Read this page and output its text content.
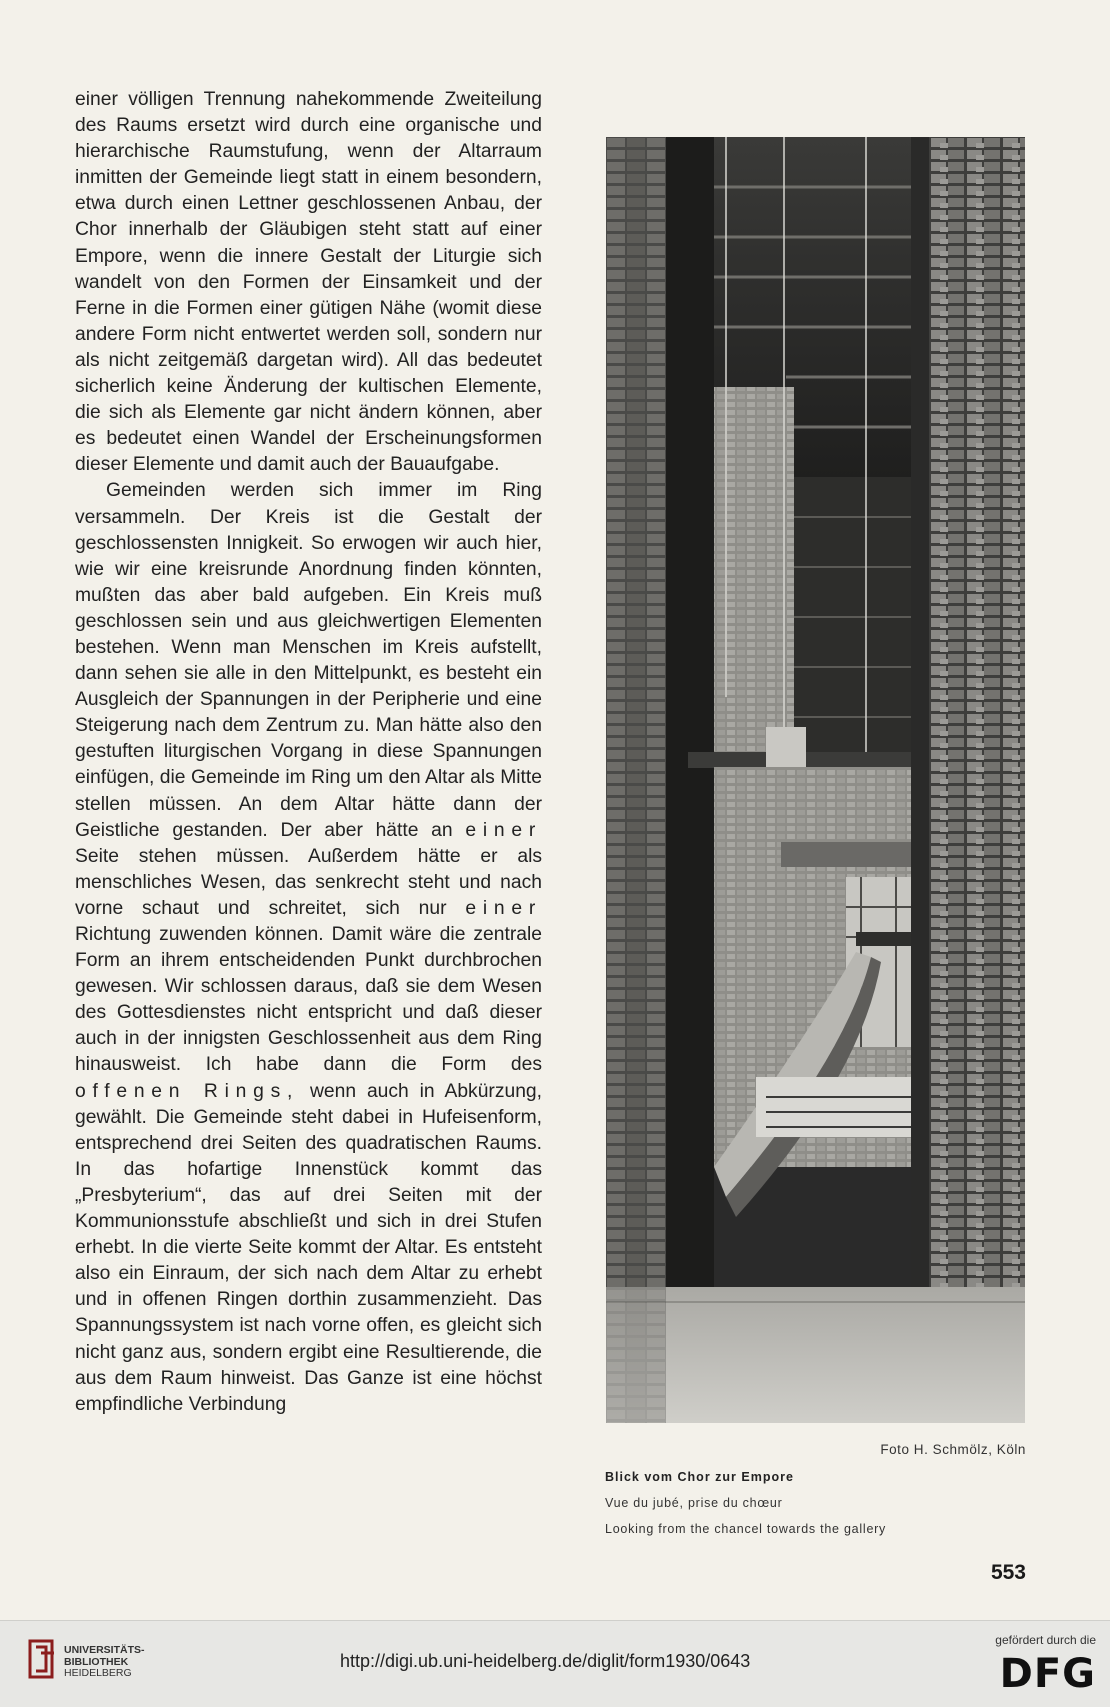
einer völligen Trennung nahekommende Zweiteilung des Raums ersetzt wird durch eine organische und hierarchische Raumstufung, wenn der Altarraum inmitten der Gemeinde liegt statt in einem besondern, etwa durch einen Lettner geschlossenen Anbau, der Chor innerhalb der Gläubigen steht statt auf einer Empore, wenn die innere Gestalt der Liturgie sich wandelt von den Formen der Einsamkeit und der Ferne in die Formen einer gütigen Nähe (womit diese andere Form nicht entwertet werden soll, sondern nur als nicht zeitgemäß dargetan wird). All das bedeutet sicherlich keine Änderung der kultischen Elemente, die sich als Elemente gar nicht ändern können, aber es bedeutet einen Wandel der Erscheinungsformen dieser Elemente und damit auch der Bauaufgabe.

Gemeinden werden sich immer im Ring versammeln. Der Kreis ist die Gestalt der geschlossensten Innigkeit. So erwogen wir auch hier, wie wir eine kreisrunde Anordnung finden könnten, mußten das aber bald aufgeben. Ein Kreis muß geschlossen sein und aus gleichwertigen Elementen bestehen. Wenn man Menschen im Kreis aufstellt, dann sehen sie alle in den Mittelpunkt, es besteht ein Ausgleich der Spannungen in der Peripherie und eine Steigerung nach dem Zentrum zu. Man hätte also den gestuften liturgischen Vorgang in diese Spannungen einfügen, die Gemeinde im Ring um den Altar als Mitte stellen müssen. An dem Altar hätte dann der Geistliche gestanden. Der aber hätte an einer Seite stehen müssen. Außerdem hätte er als menschliches Wesen, das senkrecht steht und nach vorne schaut und schreitet, sich nur einer Richtung zuwenden können. Damit wäre die zentrale Form an ihrem entscheidenden Punkt durchbrochen gewesen. Wir schlossen daraus, daß sie dem Wesen des Gottesdienstes nicht entspricht und daß dieser auch in der innigsten Geschlossenheit aus dem Ring hinausweist. Ich habe dann die Form des offenen Rings, wenn auch in Abkürzung, gewählt. Die Gemeinde steht dabei in Hufeisenform, entsprechend drei Seiten des quadratischen Raums. In das hofartige Innenstück kommt das „Presbyterium“, das auf drei Seiten mit der Kommunionsstufe abschließt und sich in drei Stufen erhebt. In die vierte Seite kommt der Altar. Es entsteht also ein Einraum, der sich nach dem Altar zu erhebt und in offenen Ringen dorthin zusammenzieht. Das Spannungssystem ist nach vorne offen, es gleicht sich nicht ganz aus, sondern ergibt eine Resultierende, die aus dem Raum hinweist. Das Ganze ist eine höchst empfindliche Verbindung

Foto H. Schmölz, Köln
Blick vom Chor zur Empore
Vue du jubé, prise du chœur
Looking from the chancel towards the gallery
553
UNIVERSITÄTS-
BIBLIOTHEK
HEIDELBERG
http://digi.ub.uni-heidelberg.de/diglit/form1930/0643
gefördert durch die
DFG
